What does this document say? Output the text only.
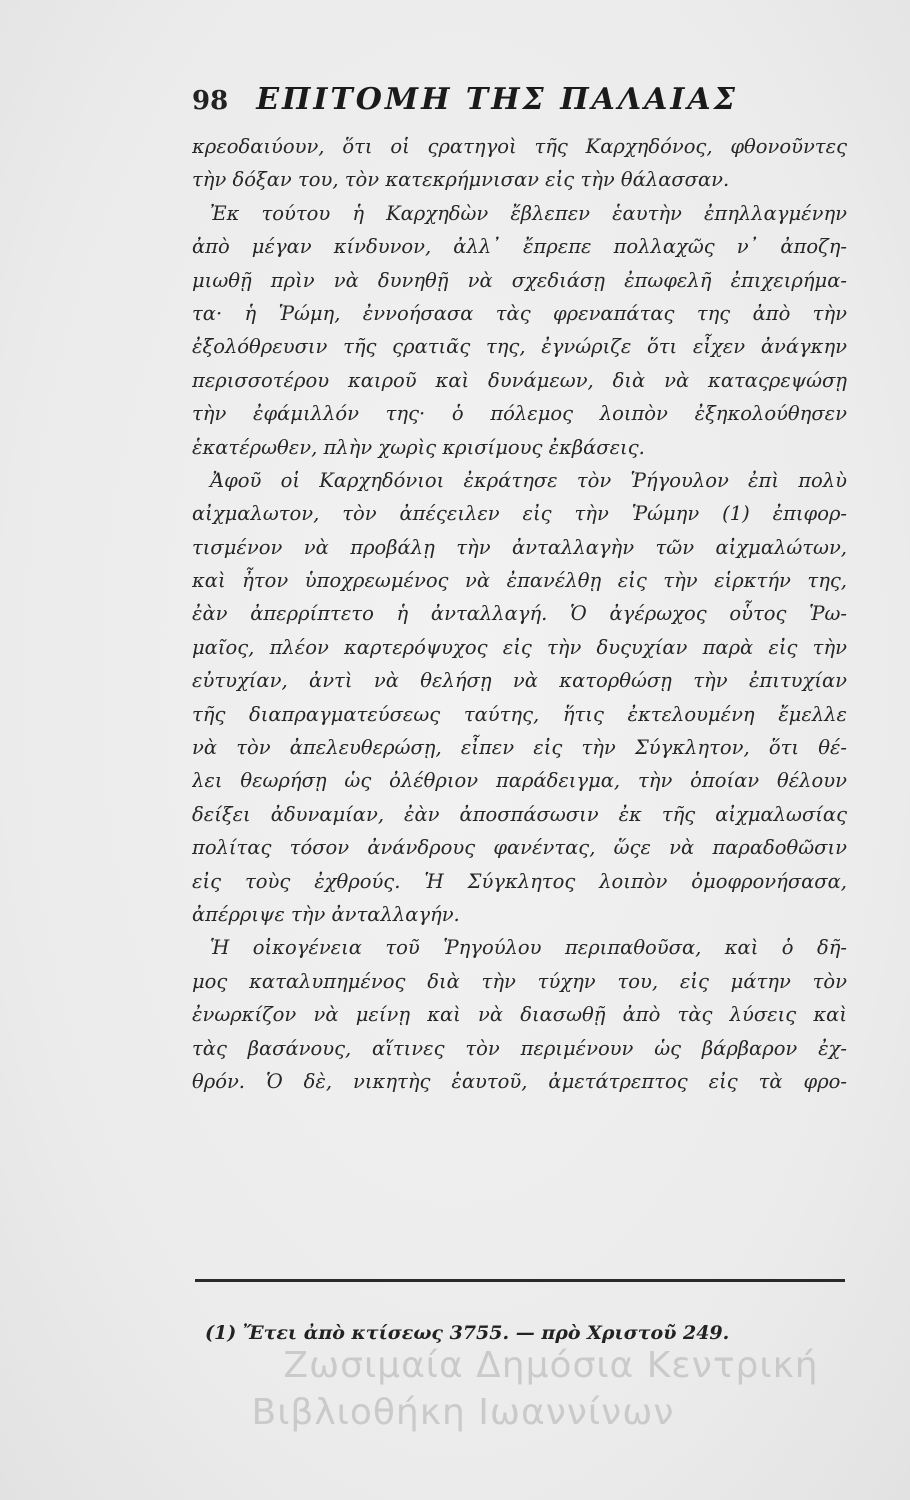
98 ΕΠΙΤΟΜΗ ΤΗΣ ΠΑΛΑΙΑΣ
κρεοδαιύουν, ὅτι οἱ ςρατηγοὶ τῆς Καρχηδόνος, φθονοῦντες
τὴν δόξαν του, τὸν κατεκρήμνισαν εἰς τὴν θάλασσαν.
Ἐκ τούτου ἡ Καρχηδὼν ἔβλεπεν ἑαυτὴν ἐπηλλαγμένην
ἀπὸ μέγαν κίνδυνον, ἀλλ᾽ ἔπρεπε πολλαχῶς ν᾽ ἀποζη-
μιωθῇ πρὶν νὰ δυνηθῇ νὰ σχεδιάσῃ ἐπωφελῆ ἐπιχειρήμα-
τα· ἡ Ῥώμη, ἐννοήσασα τὰς φρεναπάτας της ἀπὸ τὴν
ἐξολόθρευσιν τῆς ςρατιᾶς της, ἐγνώριζε ὅτι εἶχεν ἀνάγκην
περισσοτέρου καιροῦ καὶ δυνάμεων, διὰ νὰ καταςρεψώσῃ
τὴν ἐφάμιλλόν της· ὁ πόλεμος λοιπὸν ἐξηκολούθησεν
ἑκατέρωθεν, πλὴν χωρὶς κρισίμους ἐκβάσεις.
Ἀφοῦ οἱ Καρχηδόνιοι ἐκράτησε τὸν Ῥήγουλον ἐπὶ πολὺ
αἰχμαλωτον, τὸν ἀπέςειλεν εἰς τὴν Ῥώμην (1) ἐπιφορ-
τισμένον νὰ προβάλῃ τὴν ἀνταλλαγὴν τῶν αἰχμαλώτων,
καὶ ἦτον ὑποχρεωμένος νὰ ἐπανέλθῃ εἰς τὴν εἱρκτήν της,
ἐὰν ἀπερρίπτετο ἡ ἀνταλλαγή. Ὁ ἀγέρωχος οὗτος Ῥω-
μαῖος, πλέον καρτερόψυχος εἰς τὴν δυςυχίαν παρὰ εἰς τὴν
εὐτυχίαν, ἀντὶ νὰ θελήσῃ νὰ κατορθώσῃ τὴν ἐπιτυχίαν
τῆς διαπραγματεύσεως ταύτης, ἥτις ἐκτελουμένη ἔμελλε
νὰ τὸν ἀπελευθερώσῃ, εἶπεν εἰς τὴν Σύγκλητον, ὅτι θέ-
λει θεωρήσῃ ὡς ὀλέθριον παράδειγμα, τὴν ὁποίαν θέλουν
δείξει ἀδυναμίαν, ἐὰν ἀποσπάσωσιν ἐκ τῆς αἰχμαλωσίας
πολίτας τόσον ἀνάνδρους φανέντας, ὥςε νὰ παραδοθῶσιν
εἰς τοὺς ἐχθρούς. Ἡ Σύγκλητος λοιπὸν ὁμοφρονήσασα,
ἀπέρριψε τὴν ἀνταλλαγήν.
Ἡ οἰκογένεια τοῦ Ῥηγούλου περιπαθοῦσα, καὶ ὁ δῆ-
μος καταλυπημένος διὰ τὴν τύχην του, εἰς μάτην τὸν
ἐνωρκίζον νὰ μείνῃ καὶ νὰ διασωθῇ ἀπὸ τὰς λύσεις καὶ
τὰς βασάνους, αἵτινες τὸν περιμένουν ὡς βάρβαρον ἐχ-
θρόν. Ὁ δὲ, νικητὴς ἑαυτοῦ, ἀμετάτρεπτος εἰς τὰ φρο-
(1) Ἔτει ἀπὸ κτίσεως 3755. — πρὸ Χριστοῦ 249.
Ζωσιμαία Δημόσια Κεντρική
Βιβλιοθήκη Ιωαννίνων
